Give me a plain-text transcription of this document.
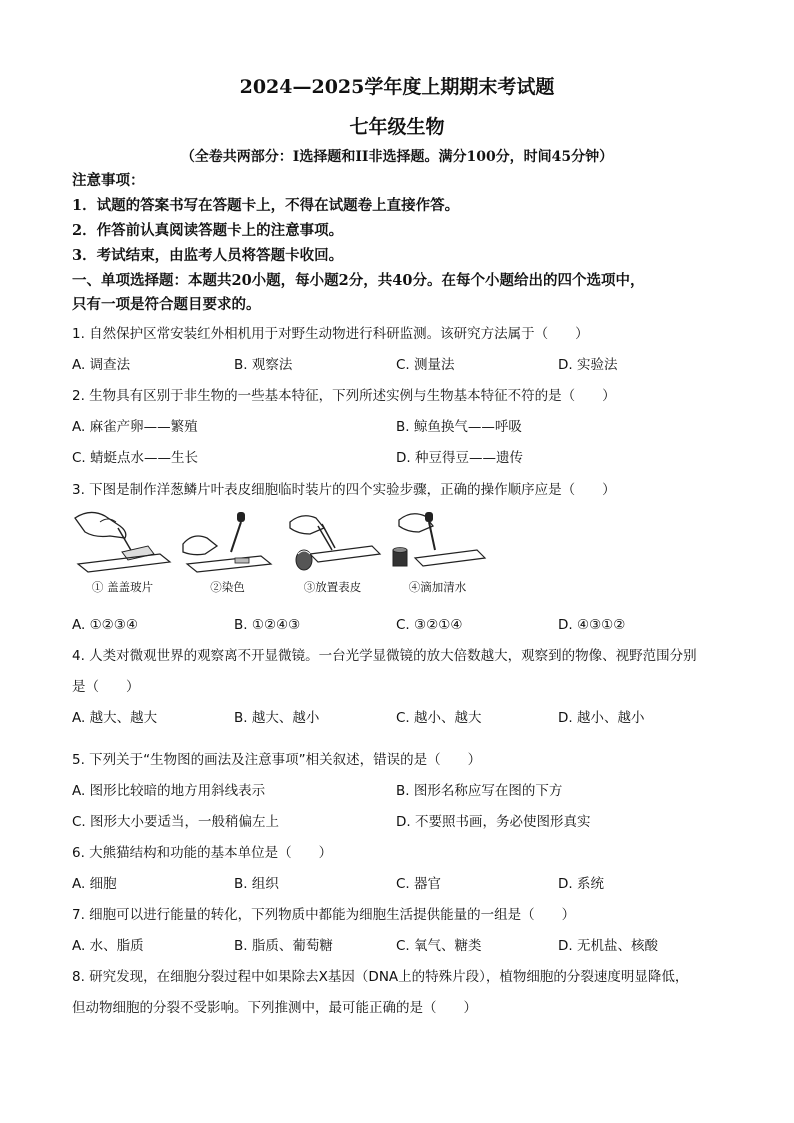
2024—2025学年度上期期末考试题
七年级生物
（全卷共两部分：I选择题和II非选择题。满分100分，时间45分钟）
注意事项：
1．试题的答案书写在答题卡上，不得在试题卷上直接作答。
2．作答前认真阅读答题卡上的注意事项。
3．考试结束，由监考人员将答题卡收回。
一、单项选择题：本题共20小题，每小题2分，共40分。在每个小题给出的四个选项中，
只有一项是符合题目要求的。
1. 自然保护区常安装红外相机用于对野生动物进行科研监测。该研究方法属于（　　）
A. 调查法	B. 观察法	C. 测量法	D. 实验法
2. 生物具有区别于非生物的一些基本特征，下列所述实例与生物基本特征不符的是（　　）
A. 麻雀产卵——繁殖	B. 鲸鱼换气——呼吸
C. 蜻蜓点水——生长	D. 种豆得豆——遗传
3. 下图是制作洋葱鳞片叶表皮细胞临时装片的四个实验步骤，正确的操作顺序应是（　　）
① 盖盖玻片	②染色	③放置表皮	④滴加清水
A. ①②③④	B. ①②④③	C. ③②①④	D. ④③①②
4. 人类对微观世界的观察离不开显微镜。一台光学显微镜的放大倍数越大，观察到的物像、视野范围分别
是（　　）
A. 越大、越大	B. 越大、越小	C. 越小、越大	D. 越小、越小
5. 下列关于“生物图的画法及注意事项”相关叙述，错误的是（　　）
A. 图形比较暗的地方用斜线表示	B. 图形名称应写在图的下方
C. 图形大小要适当，一般稍偏左上	D. 不要照书画，务必使图形真实
6. 大熊猫结构和功能的基本单位是（　　）
A. 细胞	B. 组织	C. 器官	D. 系统
7. 细胞可以进行能量的转化，下列物质中都能为细胞生活提供能量的一组是（　　）
A. 水、脂质	B. 脂质、葡萄糖	C. 氧气、糖类	D. 无机盐、核酸
8. 研究发现，在细胞分裂过程中如果除去X基因（DNA上的特殊片段），植物细胞的分裂速度明显降低，
但动物细胞的分裂不受影响。下列推测中，最可能正确的是（　　）
